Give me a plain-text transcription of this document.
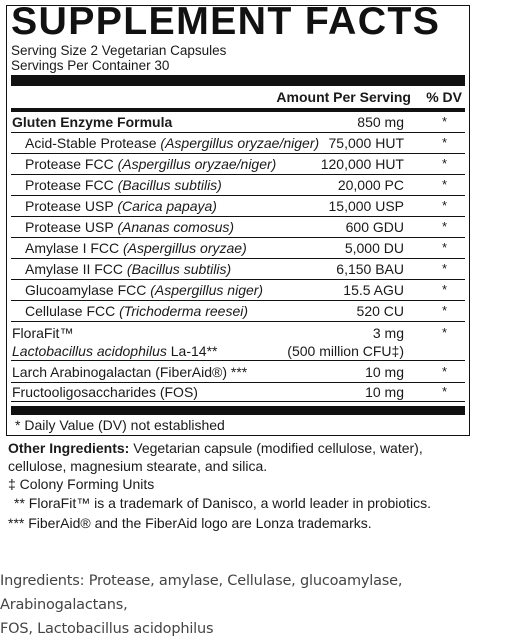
SUPPLEMENT FACTS
Serving Size 2 Vegetarian Capsules
Servings Per Container 30
Amount Per Serving % DV
Gluten Enzyme Formula	850 mg	*
Acid-Stable Protease (Aspergillus oryzae/niger) 75,000 HUT	*
Protease FCC (Aspergillus oryzae/niger)	120,000 HUT	*
Protease FCC (Bacillus subtilis)	20,000 PC	*
Protease USP (Carica papaya)	15,000 USP	*
Protease USP (Ananas comosus)	600 GDU	*
Amylase I FCC (Aspergillus oryzae)	5,000 DU	*
Amylase II FCC (Bacillus subtilis)	6,150 BAU	*
Glucoamylase FCC (Aspergillus niger)	15.5 AGU	*
Cellulase FCC (Trichoderma reesei)	520 CU	*
FloraFit™	3 mg	*
Lactobacillus acidophilus La-14**	(500 million CFU‡)
Larch Arabinogalactan (FiberAid®) ***	10 mg	*
Fructooligosaccharides (FOS)	10 mg	*
* Daily Value (DV) not established
Other Ingredients: Vegetarian capsule (modified cellulose, water),
cellulose, magnesium stearate, and silica.
‡ Colony Forming Units
** FloraFit™ is a trademark of Danisco, a world leader in probiotics.
*** FiberAid® and the FiberAid logo are Lonza trademarks.
Ingredients: Protease, amylase, Cellulase, glucoamylase, Arabinogalactans,
FOS, Lactobacillus acidophilus
